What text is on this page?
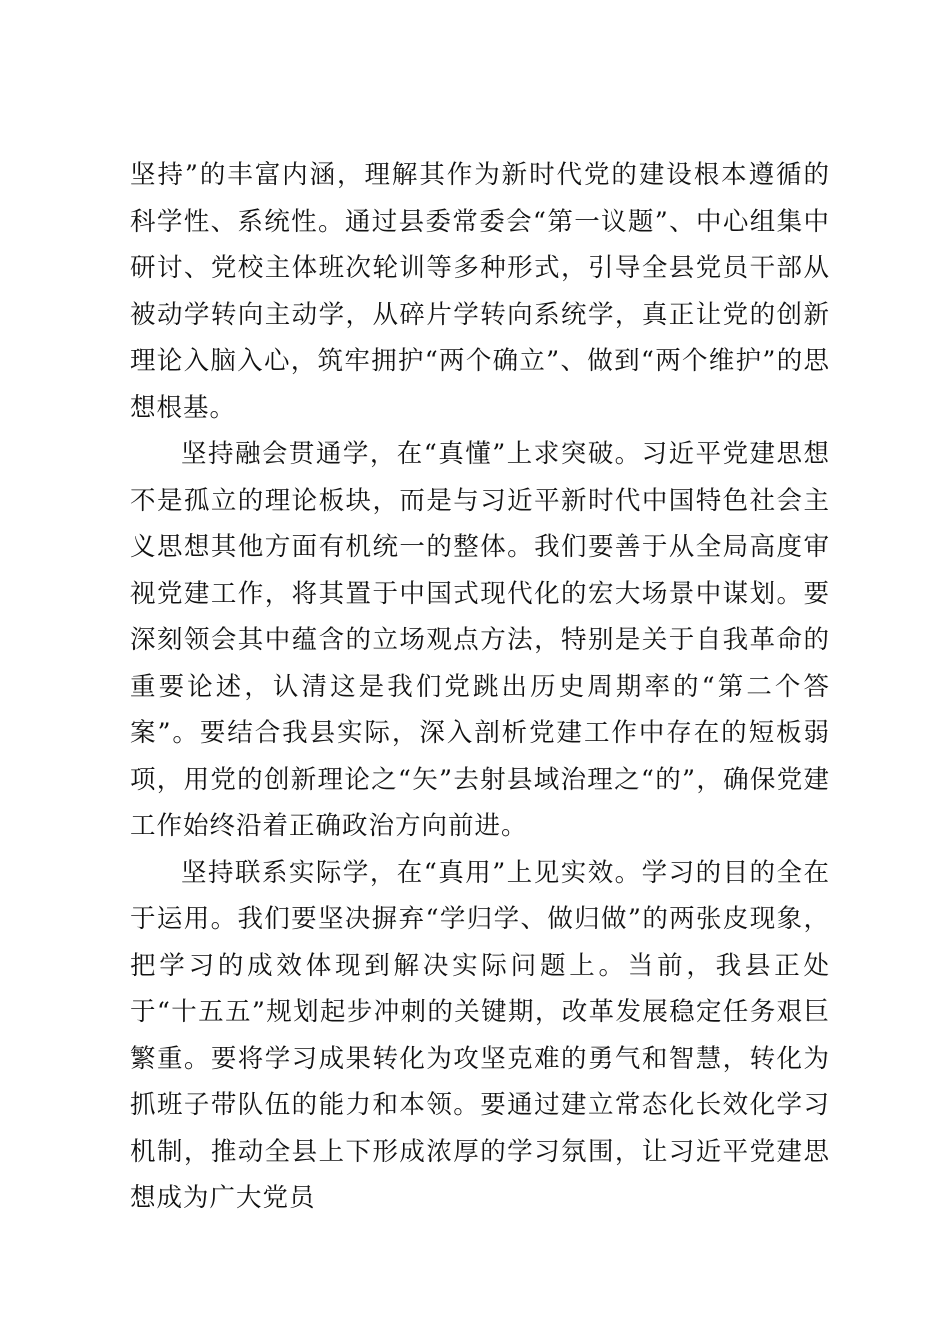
坚持”的丰富内涵，理解其作为新时代党的建设根本遵循的科学性、系统性。通过县委常委会“第一议题”、中心组集中研讨、党校主体班次轮训等多种形式，引导全县党员干部从被动学转向主动学，从碎片学转向系统学，真正让党的创新理论入脑入心，筑牢拥护“两个确立”、做到“两个维护”的思想根基。

坚持融会贯通学，在“真懂”上求突破。习近平党建思想不是孤立的理论板块，而是与习近平新时代中国特色社会主义思想其他方面有机统一的整体。我们要善于从全局高度审视党建工作，将其置于中国式现代化的宏大场景中谋划。要深刻领会其中蕴含的立场观点方法，特别是关于自我革命的重要论述，认清这是我们党跳出历史周期率的“第二个答案”。要结合我县实际，深入剖析党建工作中存在的短板弱项，用党的创新理论之“矢”去射县域治理之“的”，确保党建工作始终沿着正确政治方向前进。

坚持联系实际学，在“真用”上见实效。学习的目的全在于运用。我们要坚决摒弃“学归学、做归做”的两张皮现象，把学习的成效体现到解决实际问题上。当前，我县正处于“十五五”规划起步冲刺的关键期，改革发展稳定任务艰巨繁重。要将学习成果转化为攻坚克难的勇气和智慧，转化为抓班子带队伍的能力和本领。要通过建立常态化长效化学习机制，推动全县上下形成浓厚的学习氛围，让习近平党建思想成为广大党员
